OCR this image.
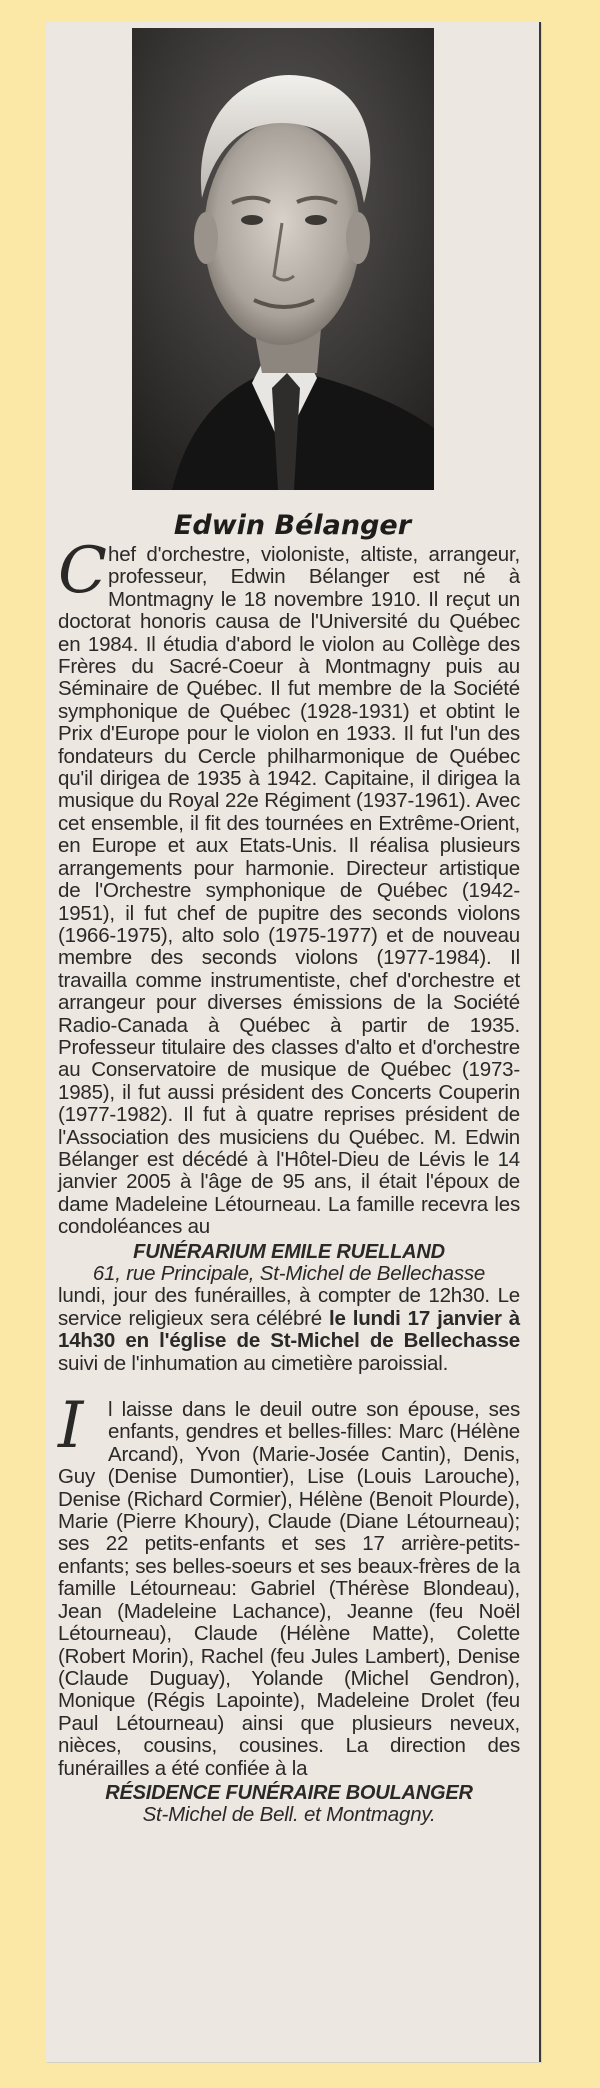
Edwin Bélanger

Chef d'orchestre, violoniste, altiste, arrangeur, professeur, Edwin Bélanger est né à Montmagny le 18 novembre 1910. Il reçut un doctorat honoris causa de l'Université du Québec en 1984. Il étudia d'abord le violon au Collège des Frères du Sacré-Coeur à Montmagny puis au Séminaire de Québec. Il fut membre de la Société symphonique de Québec (1928-1931) et obtint le Prix d'Europe pour le violon en 1933. Il fut l'un des fondateurs du Cercle philharmonique de Québec qu'il dirigea de 1935 à 1942. Capitaine, il dirigea la musique du Royal 22e Régiment (1937-1961). Avec cet ensemble, il fit des tournées en Extrême-Orient, en Europe et aux Etats-Unis. Il réalisa plusieurs arrangements pour harmonie. Directeur artistique de l'Orchestre symphonique de Québec (1942-1951), il fut chef de pupitre des seconds violons (1966-1975), alto solo (1975-1977) et de nouveau membre des seconds violons (1977-1984). Il travailla comme instrumentiste, chef d'orchestre et arrangeur pour diverses émissions de la Société Radio-Canada à Québec à partir de 1935. Professeur titulaire des classes d'alto et d'orchestre au Conservatoire de musique de Québec (1973-1985), il fut aussi président des Concerts Couperin (1977-1982). Il fut à quatre reprises président de l'Association des musiciens du Québec. M. Edwin Bélanger est décédé à l'Hôtel-Dieu de Lévis le 14 janvier 2005 à l'âge de 95 ans, il était l'époux de dame Madeleine Létourneau. La famille recevra les condoléances au

FUNÉRARIUM EMILE RUELLAND

61, rue Principale, St-Michel de Bellechasse

lundi, jour des funérailles, à compter de 12h30. Le service religieux sera célébré le lundi 17 janvier à 14h30 en l'église de St-Michel de Bellechasse suivi de l'inhumation au cimetière paroissial.

I	l laisse dans le deuil outre son épouse, ses enfants, gendres et belles-filles: Marc (Hélène Arcand), Yvon (Marie-Josée Cantin), Denis, Guy (Denise Dumontier), Lise (Louis Larouche), Denise (Richard Cormier), Hélène (Benoit Plourde), Marie (Pierre Khoury), Claude (Diane Létourneau); ses 22 petits-enfants et ses 17 arrière-petits-enfants; ses belles-soeurs et ses beaux-frères de la famille Létourneau: Gabriel (Thérèse Blondeau), Jean (Madeleine Lachance), Jeanne (feu Noël Létourneau), Claude (Hélène Matte), Colette (Robert Morin), Rachel (feu Jules Lambert), Denise (Claude Duguay), Yolande (Michel Gendron), Monique (Régis Lapointe), Madeleine Drolet (feu Paul Létourneau) ainsi que plusieurs neveux, nièces, cousins, cousines. La direction des funérailles a été confiée à la

RÉSIDENCE FUNÉRAIRE BOULANGER

St-Michel de Bell. et Montmagny.
